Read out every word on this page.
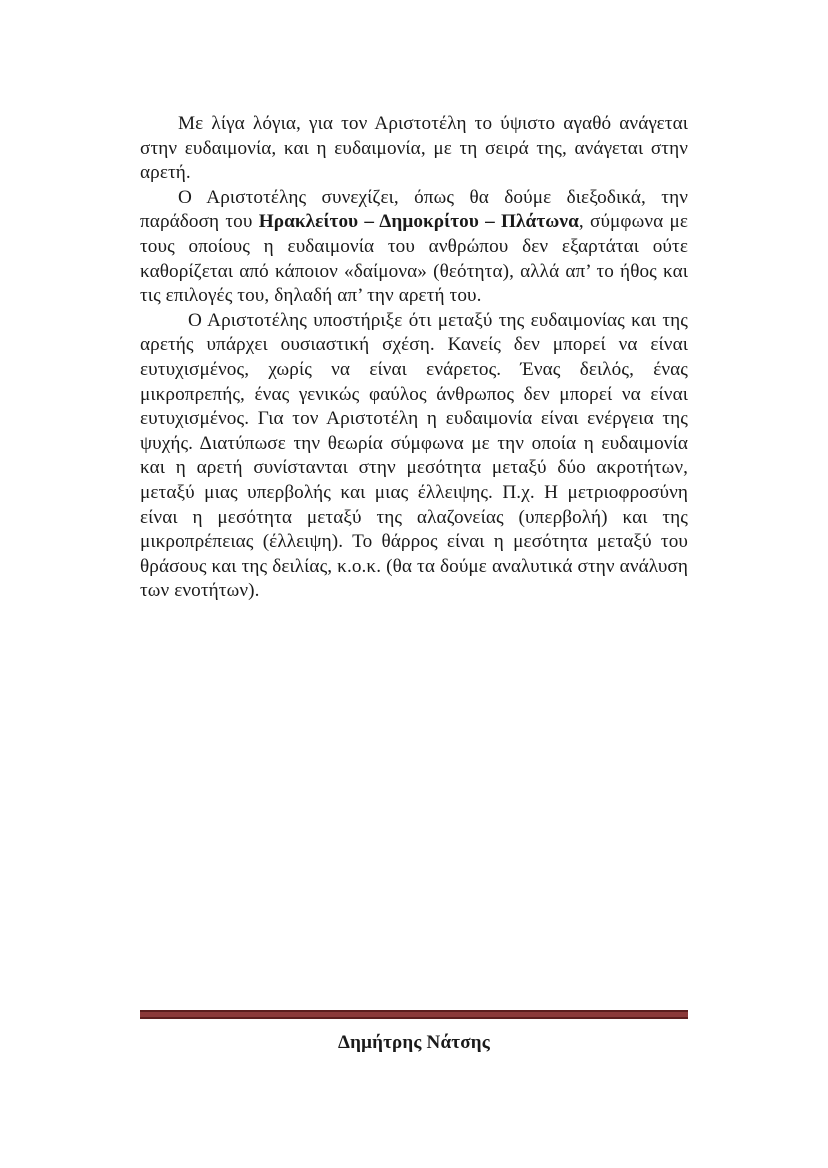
Με λίγα λόγια, για τον Αριστοτέλη το ύψιστο αγαθό ανάγεται στην ευδαιμονία, και η ευδαιμονία, με τη σειρά της, ανάγεται στην αρετή.

Ο Αριστοτέλης συνεχίζει, όπως θα δούμε διεξοδικά, την παράδοση του Ηρακλείτου – Δημοκρίτου – Πλάτωνα, σύμφωνα με τους οποίους η ευδαιμονία του ανθρώπου δεν εξαρτάται ούτε καθορίζεται από κάποιον «δαίμονα» (θεότητα), αλλά απ’ το ήθος και τις επιλογές του, δηλαδή απ’ την αρετή του.

Ο Αριστοτέλης υποστήριξε ότι μεταξύ της ευδαιμονίας και της αρετής υπάρχει ουσιαστική σχέση. Κανείς δεν μπορεί να είναι ευτυχισμένος, χωρίς να είναι ενάρετος. Ένας δειλός, ένας μικροπρεπής, ένας γενικώς φαύλος άνθρωπος δεν μπορεί να είναι ευτυχισμένος. Για τον Αριστοτέλη η ευδαιμονία είναι ενέργεια της ψυχής. Διατύπωσε την θεωρία σύμφωνα με την οποία η ευδαιμονία και η αρετή συνίστανται στην μεσότητα μεταξύ δύο ακροτήτων, μεταξύ μιας υπερβολής και μιας έλλειψης. Π.χ. Η μετριοφροσύνη είναι η μεσότητα μεταξύ της αλαζονείας (υπερβολή) και της μικροπρέπειας (έλλειψη). Το θάρρος είναι η μεσότητα μεταξύ του θράσους και της δειλίας, κ.ο.κ. (θα τα δούμε αναλυτικά στην ανάλυση των ενοτήτων).

Δημήτρης Νάτσης
